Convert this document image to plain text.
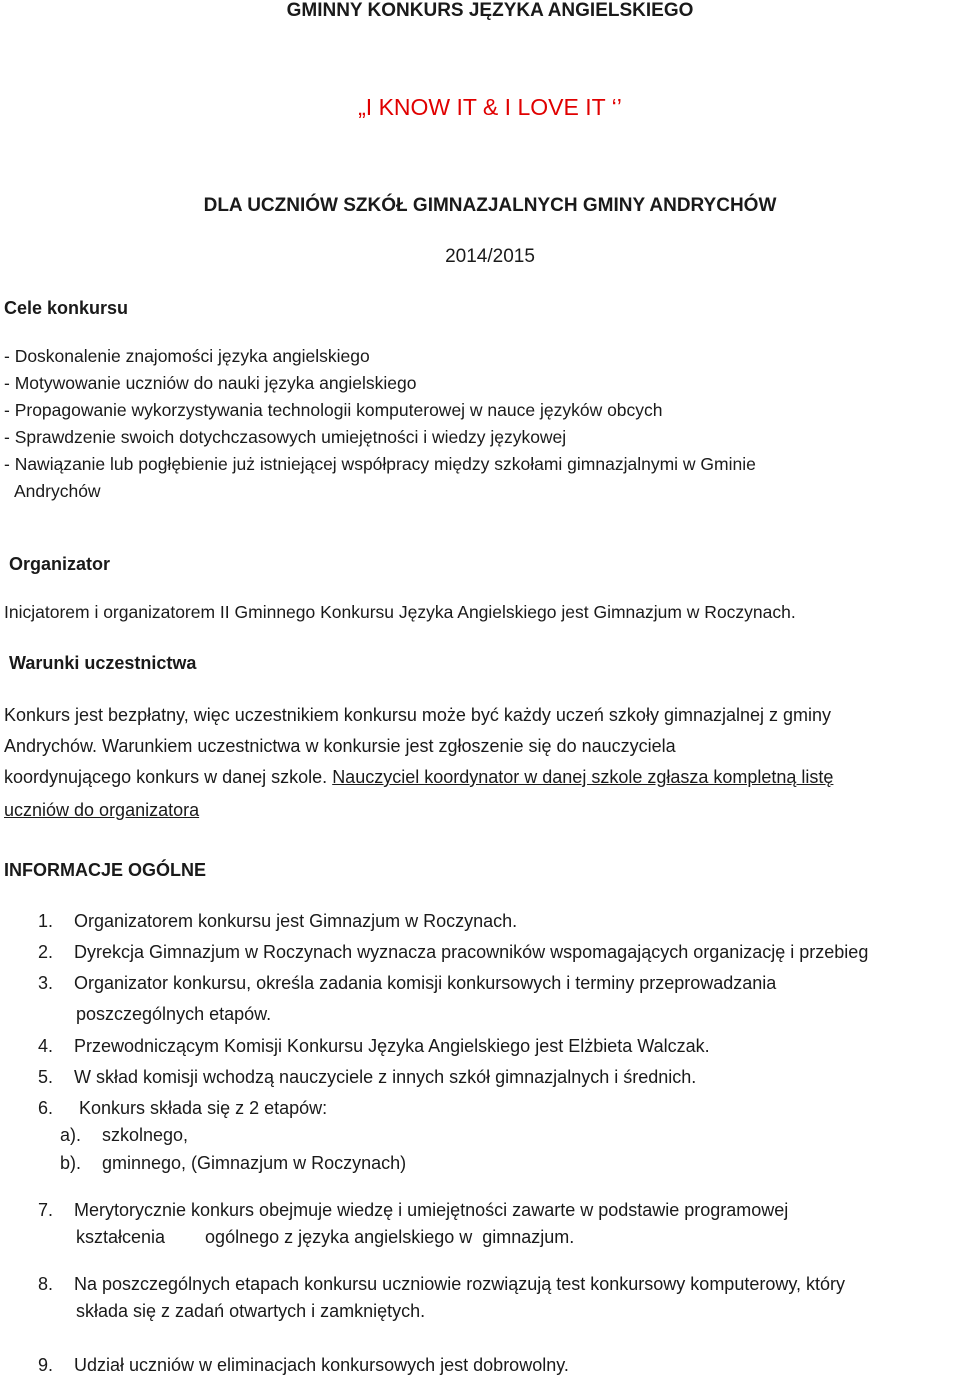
GMINNY KONKURS JĘZYKA ANGIELSKIEGO
„I KNOW IT & I LOVE IT ‘’
DLA UCZNIÓW SZKÓŁ GIMNAZJALNYCH GMINY ANDRYCHÓW
2014/2015
Cele konkursu
- Doskonalenie znajomości języka angielskiego
- Motywowanie uczniów do nauki języka angielskiego
- Propagowanie wykorzystywania technologii komputerowej w nauce języków obcych
- Sprawdzenie swoich dotychczasowych umiejętności i wiedzy językowej
- Nawiązanie lub pogłębienie już istniejącej współpracy między szkołami gimnazjalnymi w Gminie
Andrychów
Organizator
Inicjatorem i organizatorem II Gminnego Konkursu Języka Angielskiego jest Gimnazjum w Roczynach.
Warunki uczestnictwa
Konkurs jest bezpłatny, więc uczestnikiem konkursu może być każdy uczeń szkoły gimnazjalnej z gminy
Andrychów. Warunkiem uczestnictwa w konkursie jest zgłoszenie się do nauczyciela
koordynującego konkurs w danej szkole. Nauczyciel koordynator w danej szkole zgłasza kompletną listę
uczniów do organizatora
INFORMACJE OGÓLNE
1. Organizatorem konkursu jest Gimnazjum w Roczynach.
2. Dyrekcja Gimnazjum w Roczynach wyznacza pracowników wspomagających organizację i przebieg
3. Organizator konkursu, określa zadania komisji konkursowych i terminy przeprowadzania
poszczególnych etapów.
4. Przewodniczącym Komisji Konkursu Języka Angielskiego jest Elżbieta Walczak.
5. W skład komisji wchodzą nauczyciele z innych szkół gimnazjalnych i średnich.
6. Konkurs składa się z 2 etapów:
a). szkolnego,
b). gminnego, (Gimnazjum w Roczynach)
7. Merytorycznie konkurs obejmuje wiedzę i umiejętności zawarte w podstawie programowej
kształcenia        ogólnego z języka angielskiego w  gimnazjum.
8. Na poszczególnych etapach konkursu uczniowie rozwiązują test konkursowy komputerowy, który
składa się z zadań otwartych i zamkniętych.
9. Udział uczniów w eliminacjach konkursowych jest dobrowolny.
